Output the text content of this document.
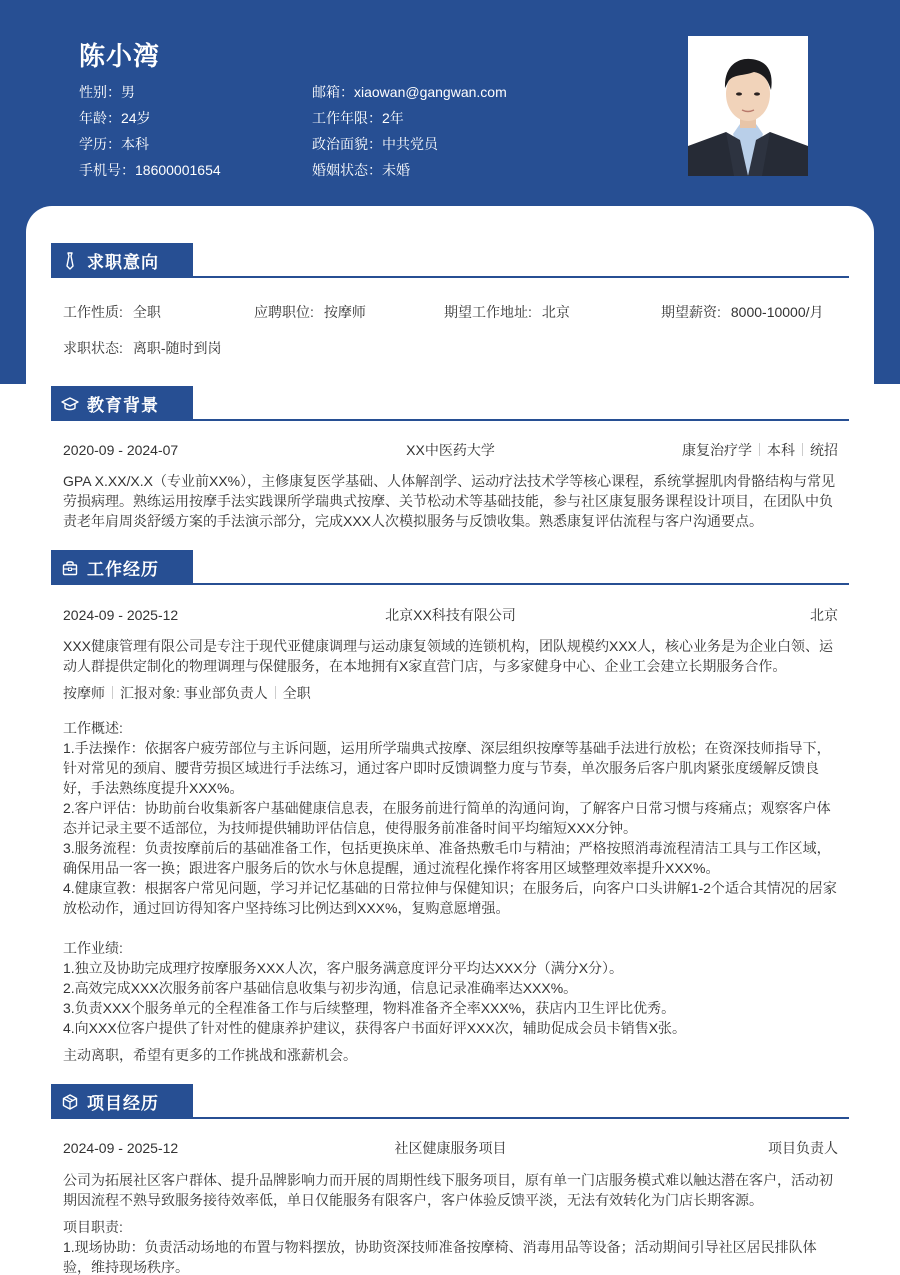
陈小湾
性别：男
年龄：24岁
学历：本科
手机号：18600001654
邮箱：xiaowan@gangwan.com
工作年限：2年
政治面貌：中共党员
婚姻状态：未婚
求职意向
工作性质: 全职	应聘职位: 按摩师	期望工作地址: 北京	期望薪资: 8000-10000/月
求职状态: 离职-随时到岗
教育背景
2020-09 - 2024-07	XX中医药大学	康复治疗学 本科 统招
GPA X.XX/X.X（专业前XX%），主修康复医学基础、人体解剖学、运动疗法技术学等核心课程，系统掌握肌肉骨骼结构与常见劳损病理。熟练运用按摩手法实践课所学瑞典式按摩、关节松动术等基础技能，参与社区康复服务课程设计项目，在团队中负责老年肩周炎舒缓方案的手法演示部分，完成XXX人次模拟服务与反馈收集。熟悉康复评估流程与客户沟通要点。
工作经历
2024-09 - 2025-12	北京XX科技有限公司	北京
XXX健康管理有限公司是专注于现代亚健康调理与运动康复领域的连锁机构，团队规模约XXX人，核心业务是为企业白领、运动人群提供定制化的物理调理与保健服务，在本地拥有X家直营门店，与多家健身中心、企业工会建立长期服务合作。
按摩师 汇报对象: 事业部负责人 全职
工作概述:
1.手法操作：依据客户疲劳部位与主诉问题，运用所学瑞典式按摩、深层组织按摩等基础手法进行放松；在资深技师指导下，针对常见的颈肩、腰背劳损区域进行手法练习，通过客户即时反馈调整力度与节奏，单次服务后客户肌肉紧张度缓解反馈良好，手法熟练度提升XXX%。
2.客户评估：协助前台收集新客户基础健康信息表，在服务前进行简单的沟通问询，了解客户日常习惯与疼痛点；观察客户体态并记录主要不适部位，为技师提供辅助评估信息，使得服务前准备时间平均缩短XXX分钟。
3.服务流程：负责按摩前后的基础准备工作，包括更换床单、准备热敷毛巾与精油；严格按照消毒流程清洁工具与工作区域，确保用品一客一换；跟进客户服务后的饮水与休息提醒，通过流程化操作将客用区域整理效率提升XXX%。
4.健康宣教：根据客户常见问题，学习并记忆基础的日常拉伸与保健知识；在服务后，向客户口头讲解1-2个适合其情况的居家放松动作，通过回访得知客户坚持练习比例达到XXX%，复购意愿增强。
工作业绩:
1.独立及协助完成理疗按摩服务XXX人次，客户服务满意度评分平均达XXX分（满分X分）。
2.高效完成XXX次服务前客户基础信息收集与初步沟通，信息记录准确率达XXX%。
3.负责XXX个服务单元的全程准备工作与后续整理，物料准备齐全率XXX%，获店内卫生评比优秀。
4.向XXX位客户提供了针对性的健康养护建议，获得客户书面好评XXX次，辅助促成会员卡销售X张。
主动离职，希望有更多的工作挑战和涨薪机会。
项目经历
2024-09 - 2025-12	社区健康服务项目	项目负责人
公司为拓展社区客户群体、提升品牌影响力而开展的周期性线下服务项目，原有单一门店服务模式难以触达潜在客户，活动初期因流程不熟导致服务接待效率低，单日仅能服务有限客户，客户体验反馈平淡，无法有效转化为门店长期客源。
项目职责:
1.现场协助：负责活动场地的布置与物料摆放，协助资深技师准备按摩椅、消毒用品等设备；活动期间引导社区居民排队体验，维持现场秩序。
